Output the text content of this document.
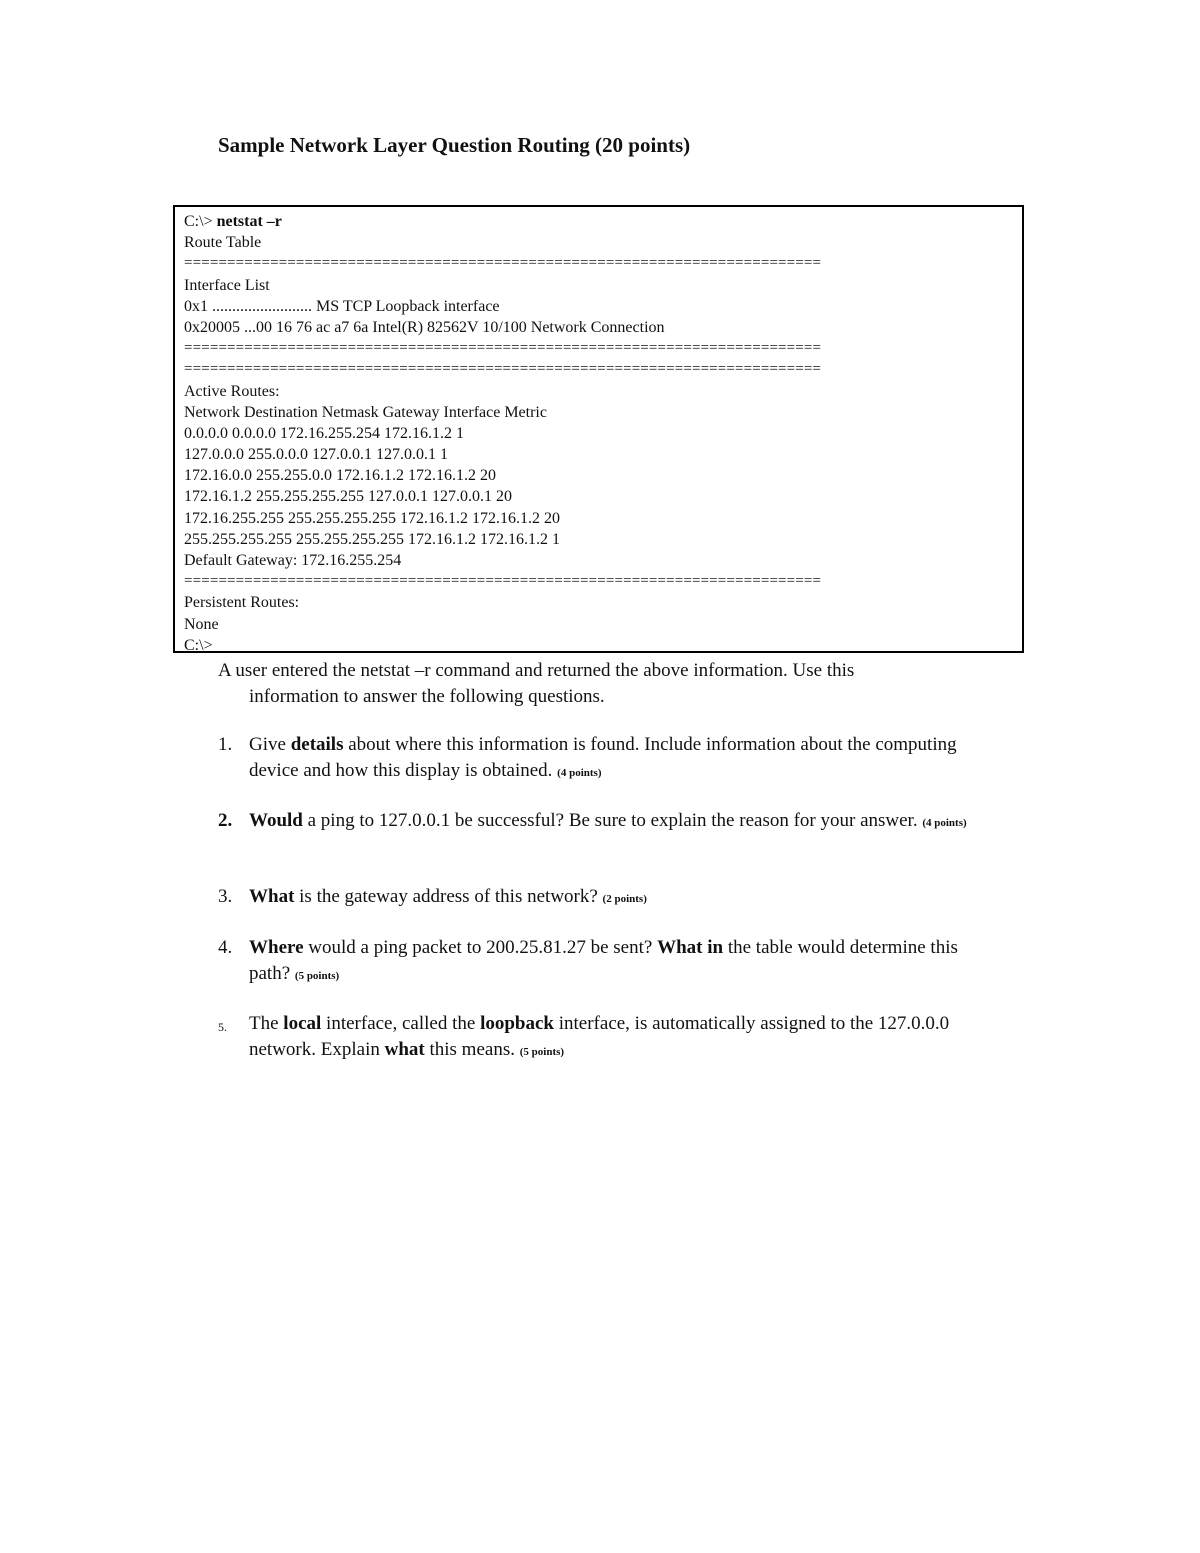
Sample Network Layer Question Routing (20 points)
C:\> netstat –r
Route Table
==========================================================================
Interface List
0x1 ......................... MS TCP Loopback interface
0x20005 ...00 16 76 ac a7 6a Intel(R) 82562V 10/100 Network Connection
==========================================================================
==========================================================================
Active Routes:
Network Destination Netmask Gateway Interface Metric
0.0.0.0 0.0.0.0 172.16.255.254 172.16.1.2 1
127.0.0.0 255.0.0.0 127.0.0.1 127.0.0.1 1
172.16.0.0 255.255.0.0 172.16.1.2 172.16.1.2 20
172.16.1.2 255.255.255.255 127.0.0.1 127.0.0.1 20
172.16.255.255 255.255.255.255 172.16.1.2 172.16.1.2 20
255.255.255.255 255.255.255.255 172.16.1.2 172.16.1.2 1
Default Gateway: 172.16.255.254
==========================================================================
Persistent Routes:
None
C:\>
A user entered the netstat –r command and returned the above information. Use this
information to answer the following questions.
1. Give details about where this information is found. Include information about the computing device and how this display is obtained. (4 points)
2. Would a ping to 127.0.0.1 be successful? Be sure to explain the reason for your answer. (4 points)
3. What is the gateway address of this network? (2 points)
4. Where would a ping packet to 200.25.81.27 be sent? What in the table would determine this path? (5 points)
5.	The local interface, called the loopback interface, is automatically assigned to the 127.0.0.0 network. Explain what this means. (5 points)
